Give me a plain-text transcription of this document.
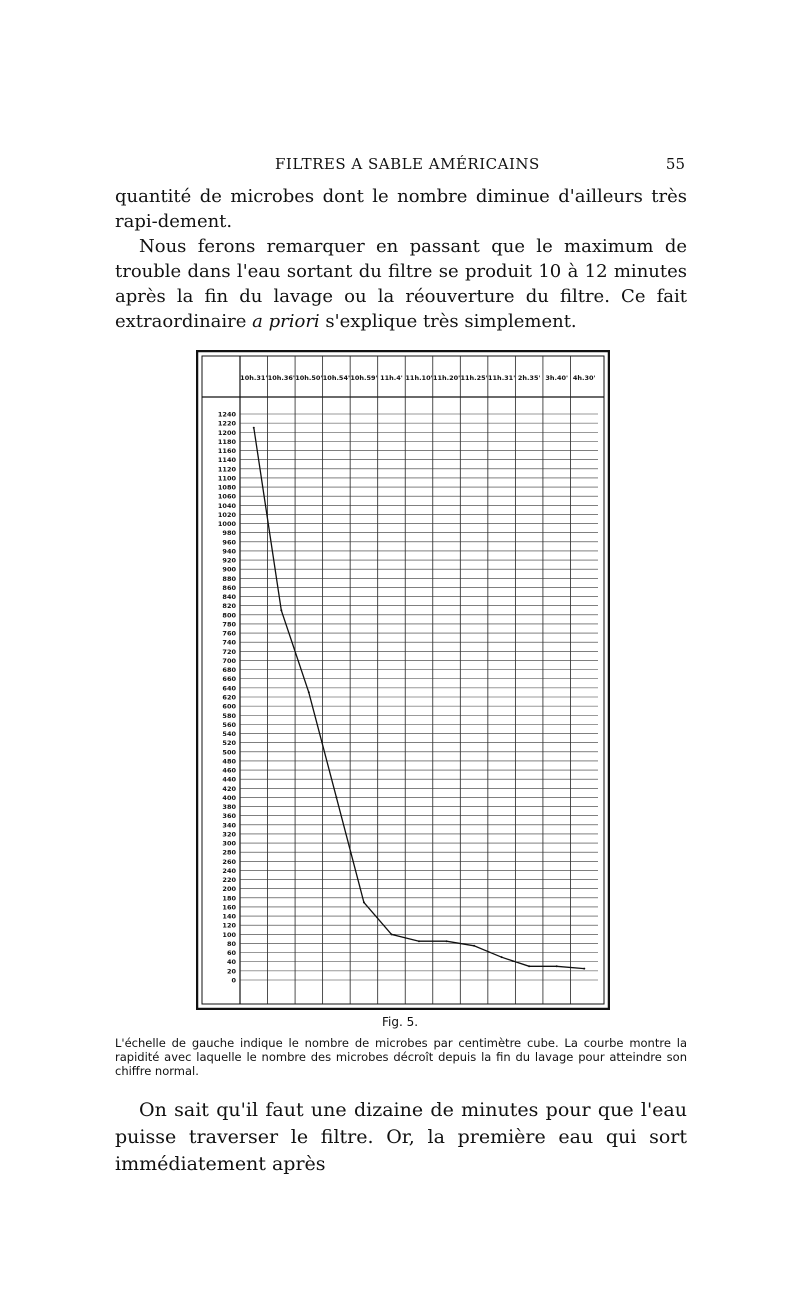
FILTRES A SABLE AMÉRICAINS	55

quantité de microbes dont le nombre diminue d'ailleurs très rapi-dement.

Nous ferons remarquer en passant que le maximum de trouble dans l'eau sortant du filtre se produit 10 à 12 minutes après la fin du lavage ou la réouverture du filtre. Ce fait extraordinaire a priori s'explique très simplement.

10h.31' 10h.36' 10h.50' 10h.54' 10h.59' 11h.4' 11h.10' 11h.20' 11h.25' 11h.31' 2h.35' 3h.40' 4h.30'
1240
1220
1200
1180
1160
1140
1120
1100
1080
1060
1040
1020
1000
980
960
940
920
900
880
860
840
820
800
780
760
740
720
700
680
660
640
620
600
580
560
540
520
500
480
460
440
420
400
380
360
340
320
300
280
260
240
220
200
180
160
140
120
100
80
60
40
20
0
Fig. 5.

L'échelle de gauche indique le nombre de microbes par centimètre cube. La courbe montre la rapidité avec laquelle le nombre des microbes décroît depuis la fin du lavage pour atteindre son chiffre normal.

On sait qu'il faut une dizaine de minutes pour que l'eau puisse traverser le filtre. Or, la première eau qui sort immédiatement après
